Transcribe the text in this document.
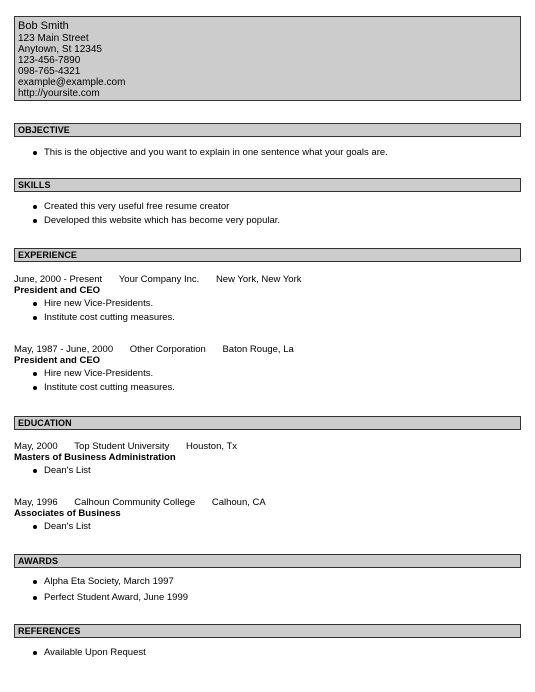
Bob Smith
123 Main Street
Anytown, St 12345
123-456-7890
098-765-4321
example@example.com
http://yoursite.com
OBJECTIVE
This is the objective and you want to explain in one sentence what your goals are.
SKILLS
Created this very useful free resume creator
Developed this website which has become very popular.
EXPERIENCE
June, 2000 - Present Your Company Inc. New York, New York
President and CEO
Hire new Vice-Presidents.
Institute cost cutting measures.
May, 1987 - June, 2000 Other Corporation Baton Rouge, La
President and CEO
Hire new Vice-Presidents.
Institute cost cutting measures.
EDUCATION
May, 2000 Top Student University Houston, Tx
Masters of Business Administration
Dean's List
May, 1996 Calhoun Community College Calhoun, CA
Associates of Business
Dean's List
AWARDS
Alpha Eta Society, March 1997
Perfect Student Award, June 1999
REFERENCES
Available Upon Request
